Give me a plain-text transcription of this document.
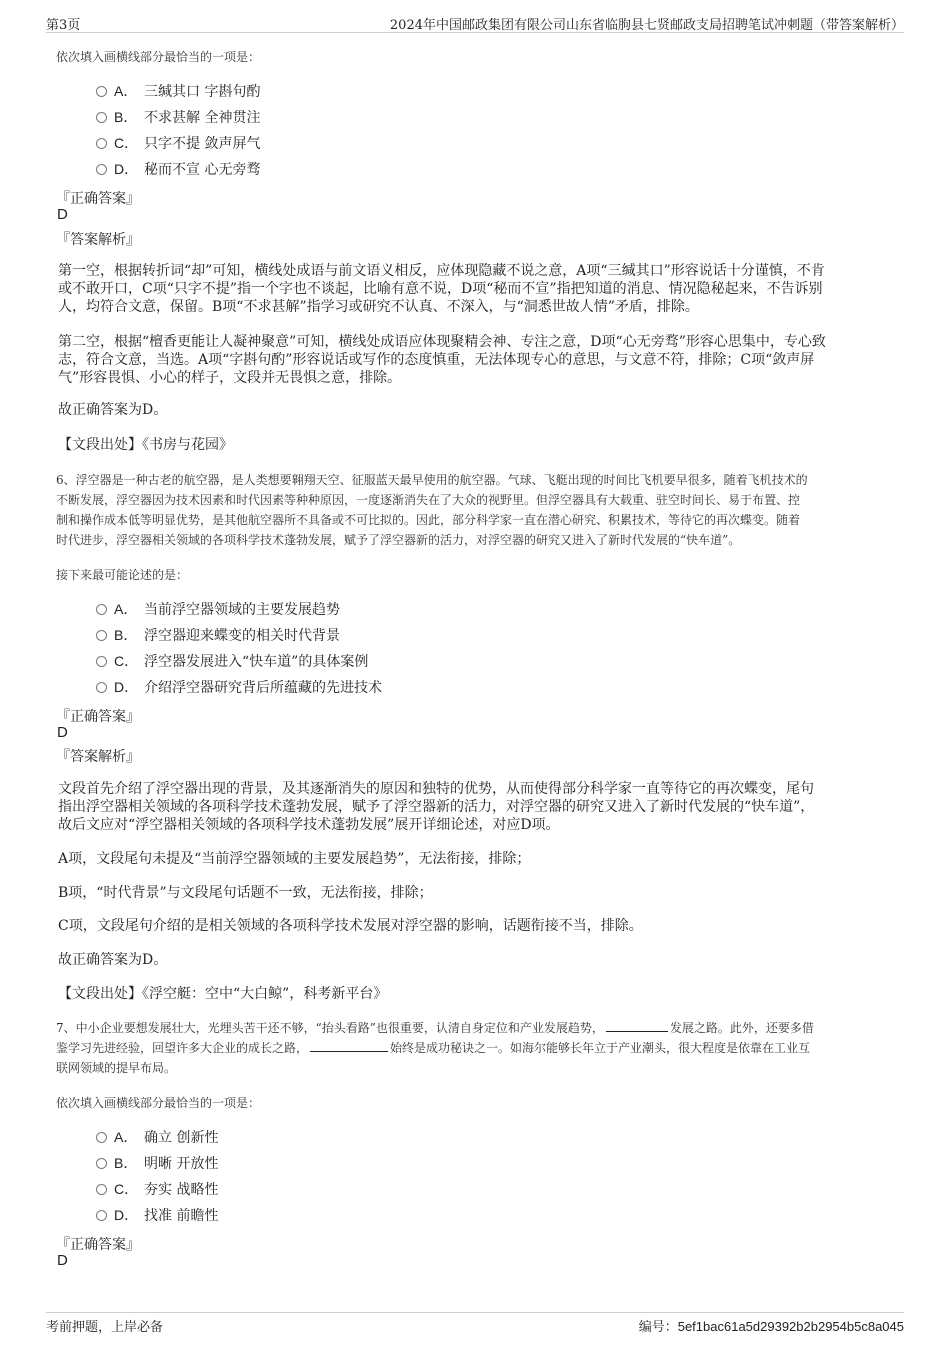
第3页	2024年中国邮政集团有限公司山东省临朐县七贤邮政支局招聘笔试冲刺题（带答案解析）
依次填入画横线部分最恰当的一项是：
A． 三缄其口 字斟句酌
B． 不求甚解 全神贯注
C． 只字不提 敛声屏气
D． 秘而不宣 心无旁骛
『正确答案』
D
『答案解析』
第一空，根据转折词“却”可知，横线处成语与前文语义相反，应体现隐藏不说之意，A项“三缄其口”形容说话十分谨慎，不肯
或不敢开口，C项“只字不提”指一个字也不谈起，比喻有意不说，D项“秘而不宣”指把知道的消息、情况隐秘起来，不告诉别
人，均符合文意，保留。B项“不求甚解”指学习或研究不认真、不深入，与“洞悉世故人情”矛盾，排除。
第二空，根据“檀香更能让人凝神聚意”可知，横线处成语应体现聚精会神、专注之意，D项“心无旁骛”形容心思集中，专心致
志，符合文意，当选。A项“字斟句酌”形容说话或写作的态度慎重，无法体现专心的意思，与文意不符，排除；C项“敛声屏
气”形容畏惧、小心的样子，文段并无畏惧之意，排除。
故正确答案为D。
【文段出处】《书房与花园》
6、浮空器是一种古老的航空器，是人类想要翱翔天空、征服蓝天最早使用的航空器。气球、飞艇出现的时间比飞机要早很多，随着飞机技术的
不断发展，浮空器因为技术因素和时代因素等种种原因，一度逐渐消失在了大众的视野里。但浮空器具有大载重、驻空时间长、易于布置、控
制和操作成本低等明显优势，是其他航空器所不具备或不可比拟的。因此，部分科学家一直在潜心研究、积累技术，等待它的再次蝶变。随着
时代进步，浮空器相关领域的各项科学技术蓬勃发展，赋予了浮空器新的活力，对浮空器的研究又进入了新时代发展的“快车道”。
接下来最可能论述的是：
A． 当前浮空器领域的主要发展趋势
B． 浮空器迎来蝶变的相关时代背景
C． 浮空器发展进入“快车道”的具体案例
D． 介绍浮空器研究背后所蕴藏的先进技术
『正确答案』
D
『答案解析』
文段首先介绍了浮空器出现的背景，及其逐渐消失的原因和独特的优势，从而使得部分科学家一直等待它的再次蝶变，尾句
指出浮空器相关领域的各项科学技术蓬勃发展，赋予了浮空器新的活力，对浮空器的研究又进入了新时代发展的“快车道”，
故后文应对“浮空器相关领域的各项科学技术蓬勃发展”展开详细论述，对应D项。
A项，文段尾句未提及“当前浮空器领域的主要发展趋势”，无法衔接，排除；
B项，“时代背景”与文段尾句话题不一致，无法衔接，排除；
C项，文段尾句介绍的是相关领域的各项科学技术发展对浮空器的影响，话题衔接不当，排除。
故正确答案为D。
【文段出处】《浮空艇：空中“大白鲸”，科考新平台》
7、中小企业要想发展壮大，光埋头苦干还不够，“抬头看路”也很重要，认清自身定位和产业发展趋势，	发展之路。此外，还要多借
鉴学习先进经验，回望许多大企业的成长之路，	始终是成功秘诀之一。如海尔能够长年立于产业潮头，很大程度是依靠在工业互
联网领域的提早布局。
依次填入画横线部分最恰当的一项是：
A． 确立 创新性
B． 明晰 开放性
C． 夯实 战略性
D． 找准 前瞻性
『正确答案』
D
考前押题，上岸必备	编号：5ef1bac61a5d29392b2b2954b5c8a045
